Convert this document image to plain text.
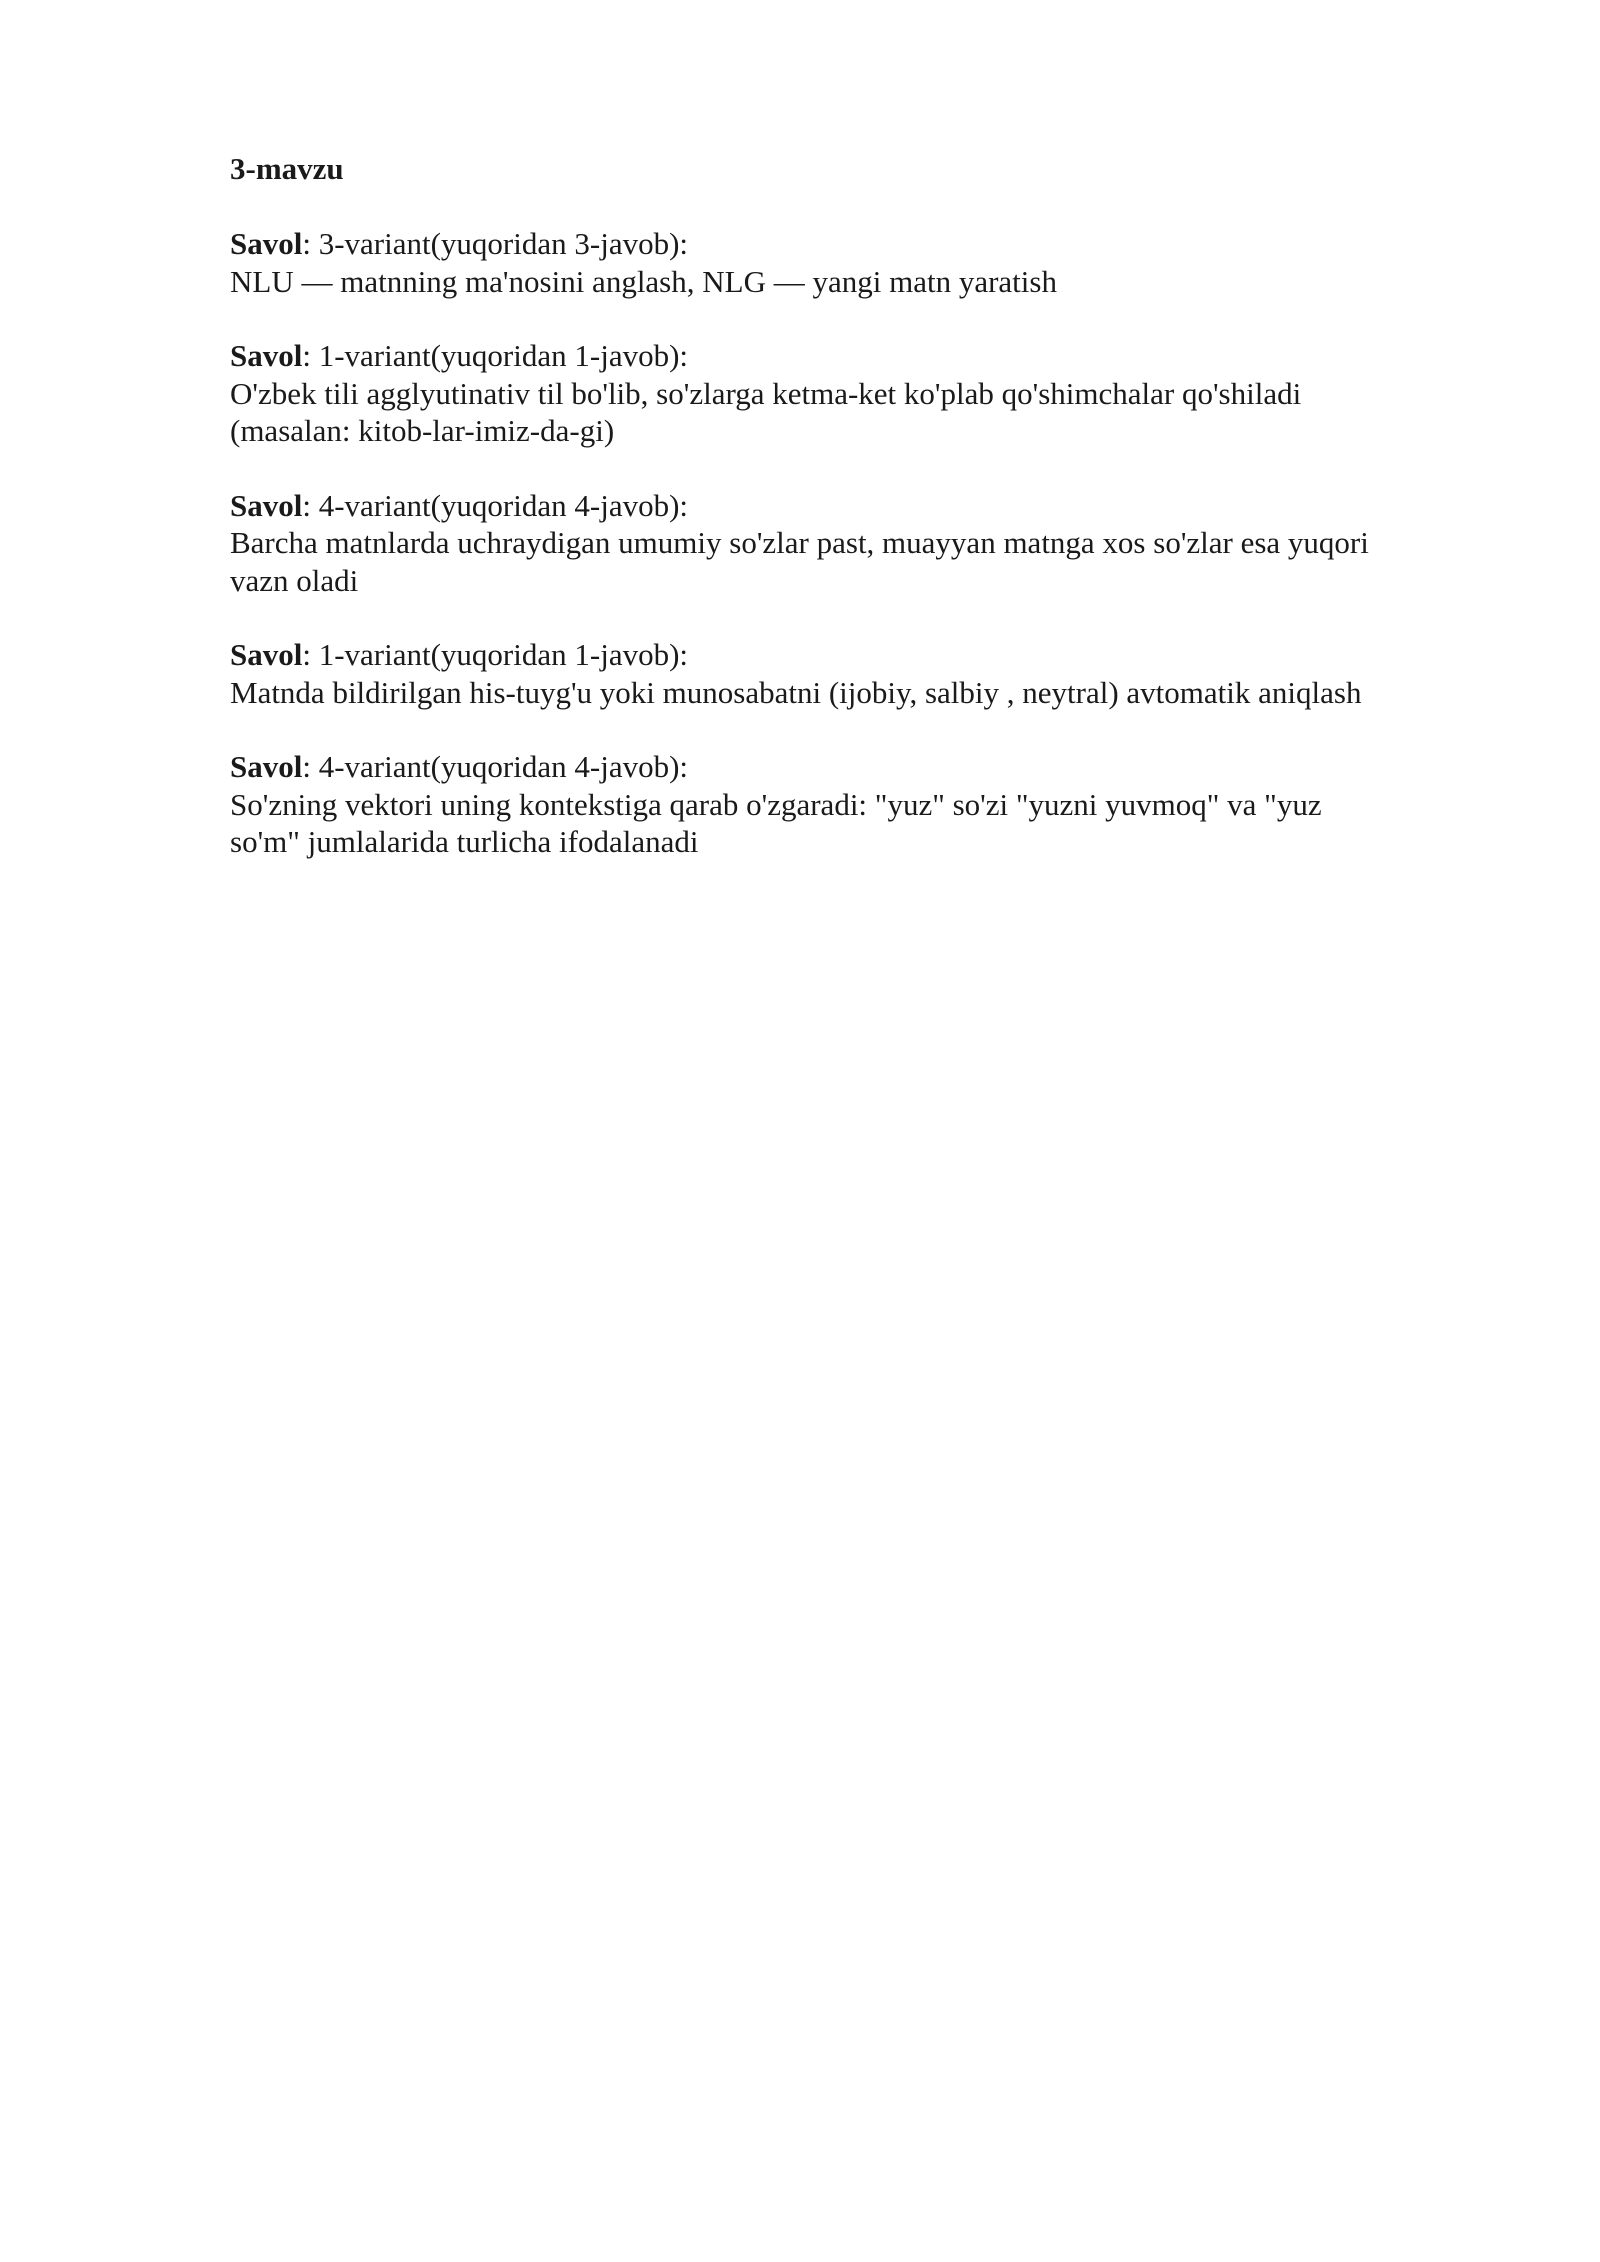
3-mavzu

Savol: 3-variant(yuqoridan 3-javob):

NLU — matnning ma'nosini anglash, NLG — yangi matn yaratish

Savol: 1-variant(yuqoridan 1-javob):

O'zbek tili agglyutinativ til bo'lib, so'zlarga ketma-ket ko'plab qo'shimchalar qo'shiladi (masalan: kitob-lar-imiz-da-gi)

Savol: 4-variant(yuqoridan 4-javob):

Barcha matnlarda uchraydigan umumiy so'zlar past, muayyan matnga xos so'zlar esa yuqori vazn oladi

Savol: 1-variant(yuqoridan 1-javob):

Matnda bildirilgan his-tuyg'u yoki munosabatni (ijobiy, salbiy , neytral) avtomatik aniqlash

Savol: 4-variant(yuqoridan 4-javob):

So'zning vektori uning kontekstiga qarab o'zgaradi: "yuz" so'zi "yuzni yuvmoq" va "yuz so'm" jumlalarida turlicha ifodalanadi
